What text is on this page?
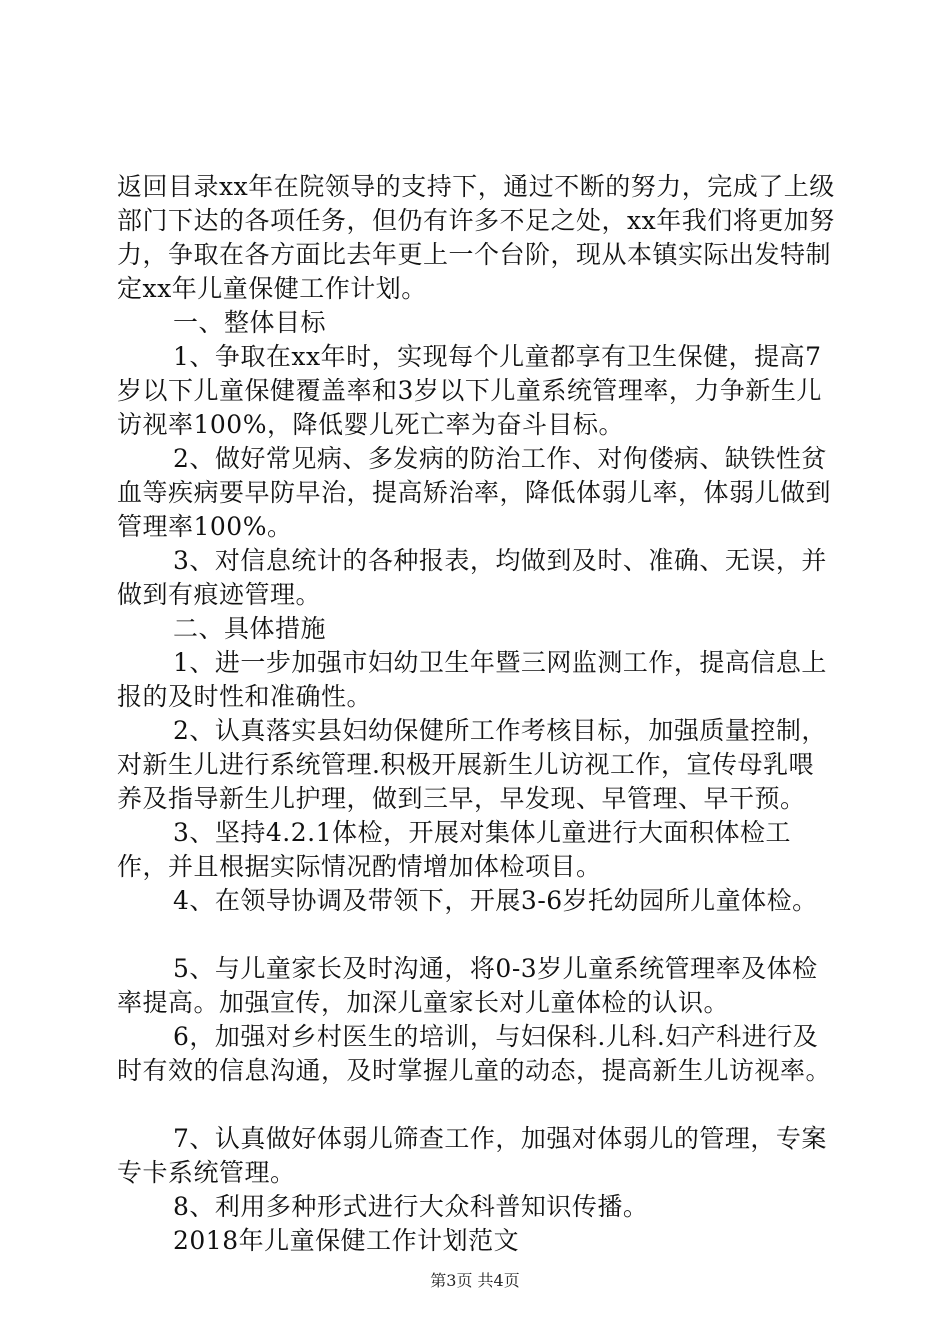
返回目录xx年在院领导的支持下，通过不断的努力，完成了上级部门下达的各项任务，但仍有许多不足之处，xx年我们将更加努力，争取在各方面比去年更上一个台阶，现从本镇实际出发特制定xx年儿童保健工作计划。

一、整体目标

1、争取在xx年时，实现每个儿童都享有卫生保健，提高7岁以下儿童保健覆盖率和3岁以下儿童系统管理率，力争新生儿访视率100%，降低婴儿死亡率为奋斗目标。

2、做好常见病、多发病的防治工作、对佝偻病、缺铁性贫血等疾病要早防早治，提高矫治率，降低体弱儿率，体弱儿做到管理率100%。

3、对信息统计的各种报表，均做到及时、准确、无误，并做到有痕迹管理。

二、具体措施

1、进一步加强市妇幼卫生年暨三网监测工作，提高信息上报的及时性和准确性。

2、认真落实县妇幼保健所工作考核目标，加强质量控制，对新生儿进行系统管理.积极开展新生儿访视工作，宣传母乳喂养及指导新生儿护理，做到三早，早发现、早管理、早干预。

3、坚持4.2.1体检，开展对集体儿童进行大面积体检工作，并且根据实际情况酌情增加体检项目。

4、在领导协调及带领下，开展3-6岁托幼园所儿童体检。

5、与儿童家长及时沟通，将0-3岁儿童系统管理率及体检率提高。加强宣传，加深儿童家长对儿童体检的认识。

6，加强对乡村医生的培训，与妇保科.儿科.妇产科进行及时有效的信息沟通，及时掌握儿童的动态，提高新生儿访视率。

7、认真做好体弱儿筛查工作，加强对体弱儿的管理，专案专卡系统管理。

8、利用多种形式进行大众科普知识传播。

2018年儿童保健工作计划范文

第3页 共4页
